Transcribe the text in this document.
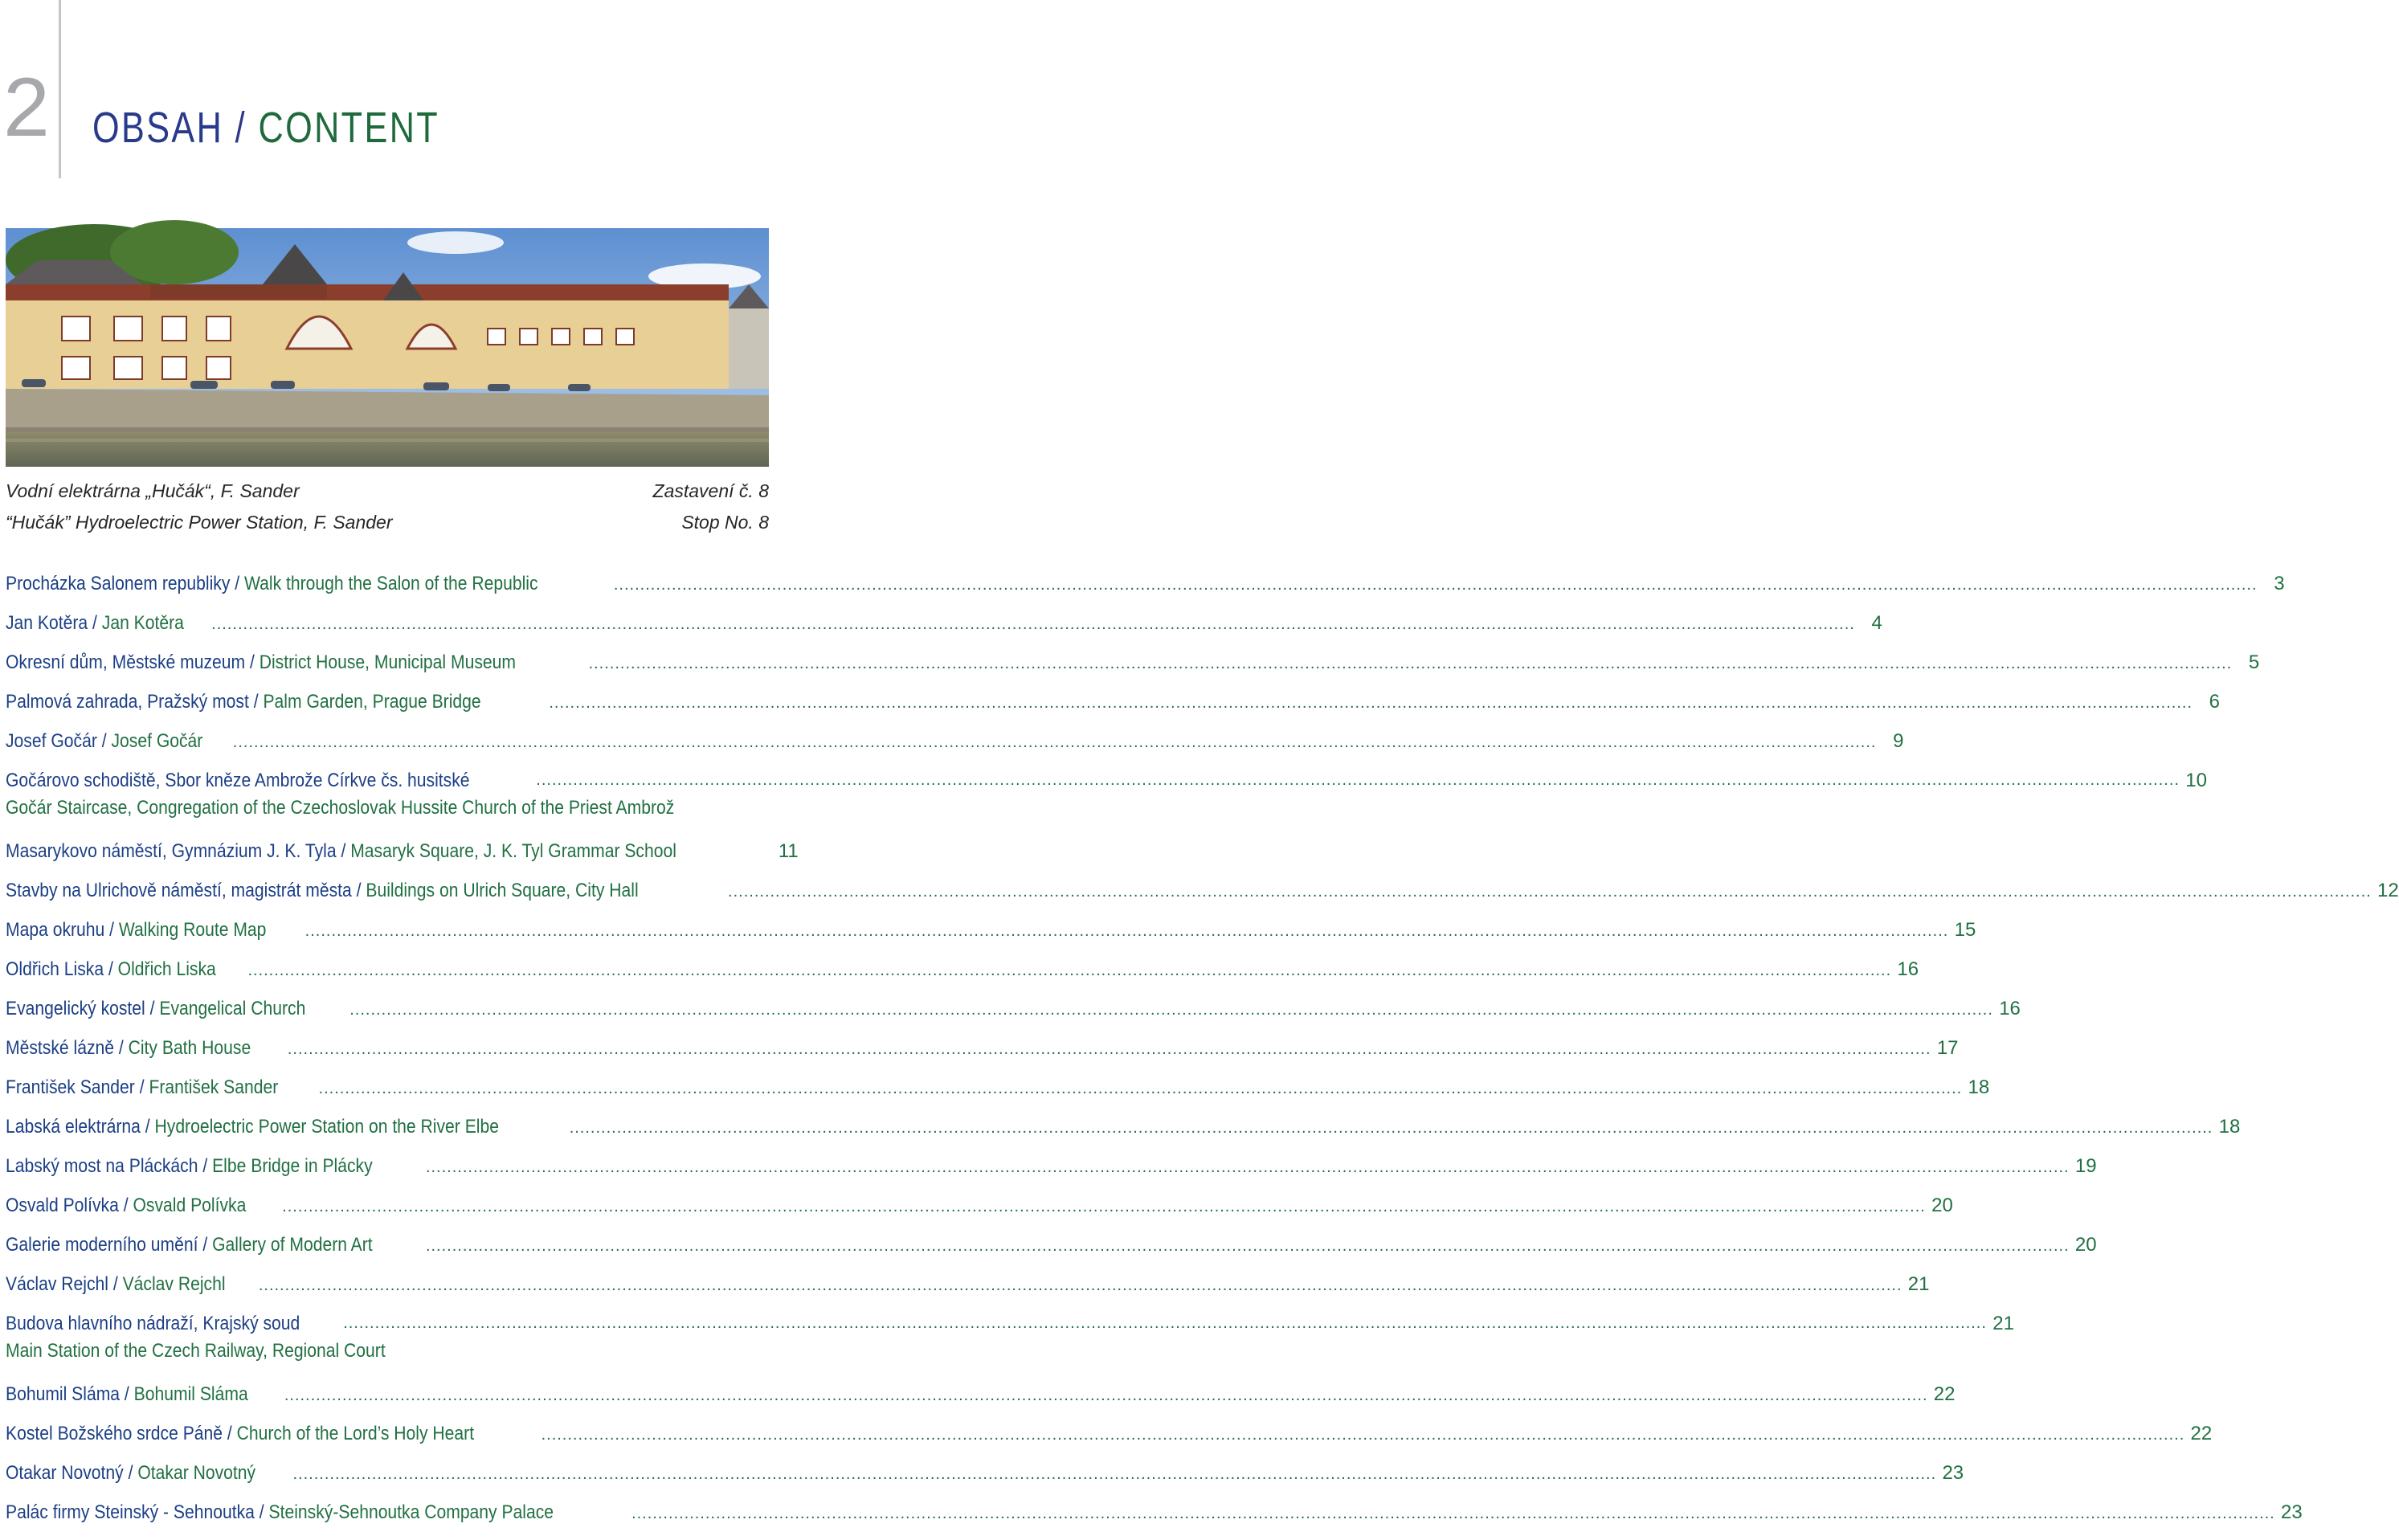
2 OBSAH / CONTENT
Vodní elektrárna „Hučák“, F. Sander	Zastavení č. 8
“Hučák” Hydroelectric Power Station, F. Sander	Stop No. 8
Procházka Salonem republiky / Walk through the Salon of the Republic .....	3
Jan Kotěra / Jan Kotěra .....	4
Okresní dům, Městské muzeum / District House, Municipal Museum .....	5
Palmová zahrada, Pražský most / Palm Garden, Prague Bridge .....	6
Josef Gočár / Josef Gočár .....	9
Gočárovo schodiště, Sbor kněze Ambrože Církve čs. husitské .....	10
Gočár Staircase, Congregation of the Czechoslovak Hussite Church of the Priest Ambrož
Masarykovo náměstí, Gymnázium J. K. Tyla / Masaryk Square, J. K. Tyl Grammar School	11
Stavby na Ulrichově náměstí, magistrát města / Buildings on Ulrich Square, City Hall .....	12
Mapa okruhu / Walking Route Map .....	15
Oldřich Liska / Oldřich Liska .....	16
Evangelický kostel / Evangelical Church .....	16
Městské lázně / City Bath House .....	17
František Sander / František Sander .....	18
Labská elektrárna / Hydroelectric Power Station on the River Elbe .....	18
Labský most na Pláckách / Elbe Bridge in Plácky .....	19
Osvald Polívka / Osvald Polívka .....	20
Galerie moderního umění / Gallery of Modern Art .....	20
Václav Rejchl / Václav Rejchl .....	21
Budova hlavního nádraží, Krajský soud .....	21
Main Station of the Czech Railway, Regional Court
Bohumil Sláma / Bohumil Sláma .....	22
Kostel Božského srdce Páně / Church of the Lord’s Holy Heart .....	22
Otakar Novotný / Otakar Novotný .....	23
Palác firmy Steinský - Sehnoutka / Steinský-Sehnoutka Company Palace .....	23
